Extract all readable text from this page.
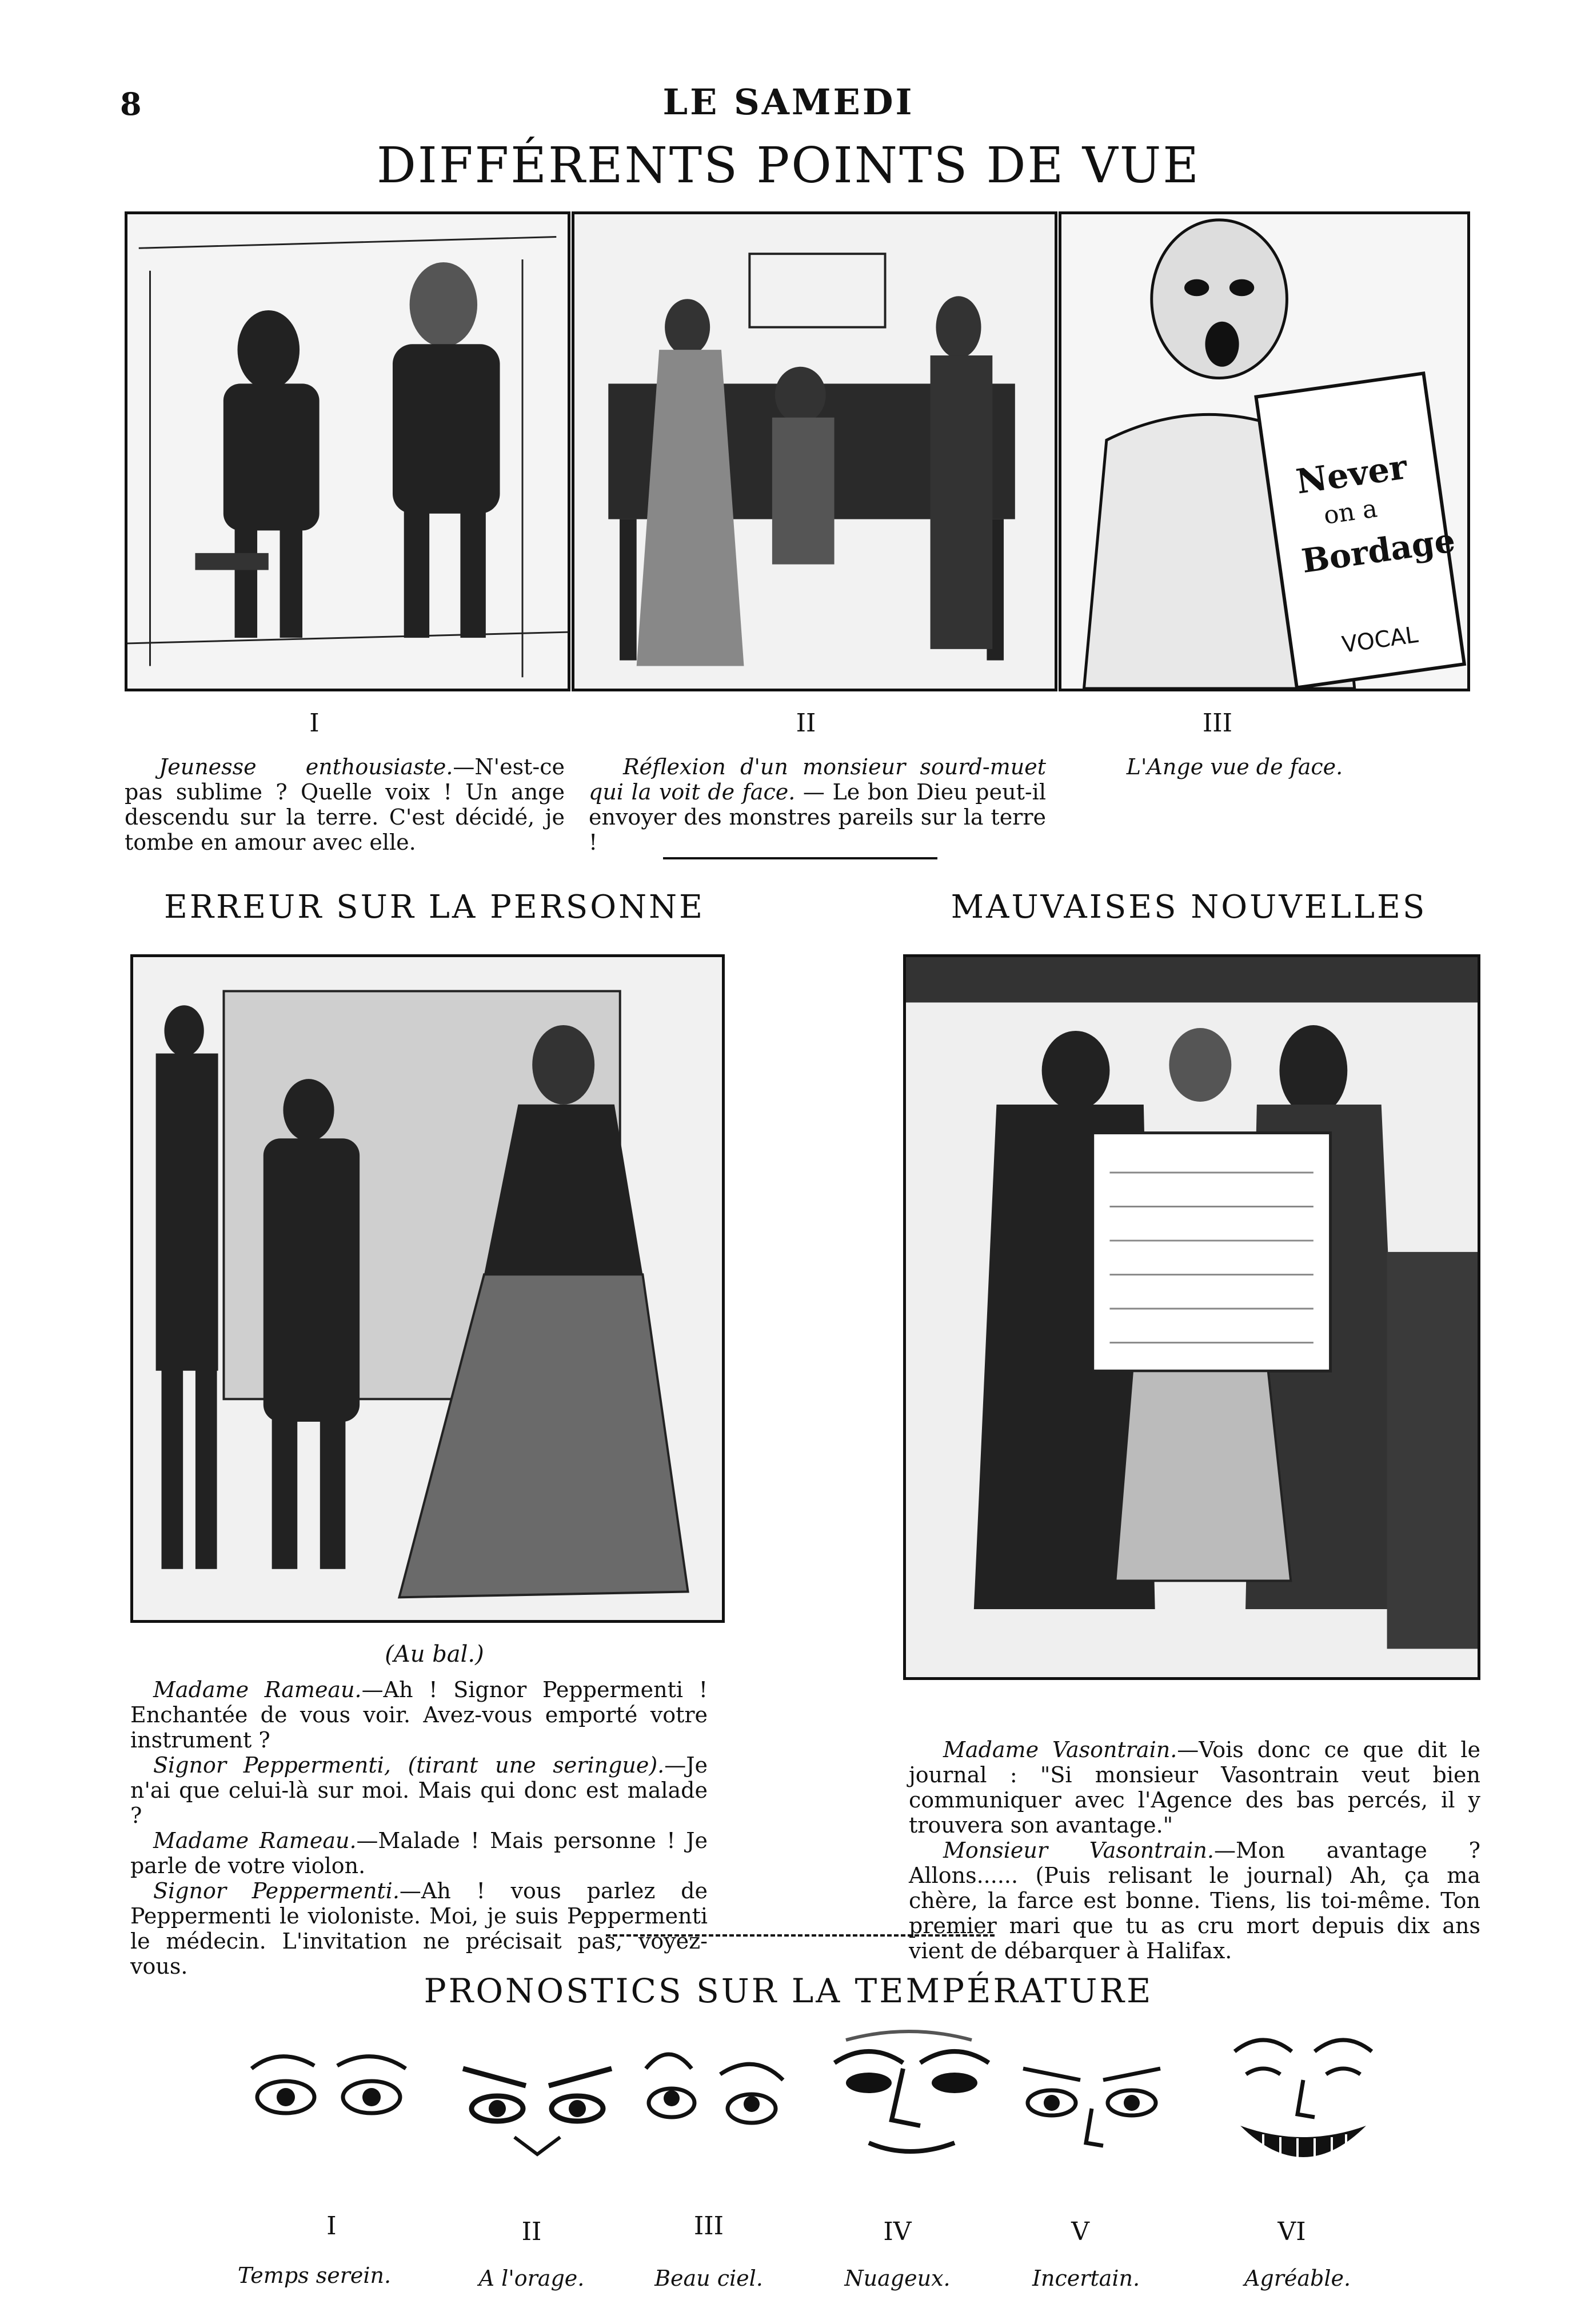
8	LE SAMEDI
DIFFÉRENTS POINTS DE VUE
Never
on a
Bordage
VOCAL
I	II	III
Jeunesse enthousiaste.—N'est-ce pas sublime ? Quelle voix ! Un ange descendu sur la terre. C'est décidé, je tombe en amour avec elle.
Réflexion d'un monsieur sourd-muet qui la voit de face. — Le bon Dieu peut-il envoyer des monstres pareils sur la terre !
L'Ange vue de face.
ERREUR SUR LA PERSONNE	MAUVAISES NOUVELLES
(Au bal.)
Madame Rameau.—Ah ! Signor Peppermenti ! Enchantée de vous voir. Avez-vous emporté votre instrument ?
Signor Peppermenti, (tirant une seringue).—Je n'ai que celui-là sur moi. Mais qui donc est malade ?
Madame Rameau.—Malade ! Mais personne ! Je parle de votre violon.
Signor Peppermenti.—Ah ! vous parlez de Peppermenti le violoniste. Moi, je suis Peppermenti le médecin. L'invitation ne précisait pas, voyez-vous.
Madame Vasontrain.—Vois donc ce que dit le journal : "Si monsieur Vasontrain veut bien communiquer avec l'Agence des bas percés, il y trouvera son avantage."
Monsieur Vasontrain.—Mon avantage ? Allons...... (Puis relisant le journal) Ah, ça ma chère, la farce est bonne. Tiens, lis toi-même. Ton premier mari que tu as cru mort depuis dix ans vient de débarquer à Halifax.
PRONOSTICS SUR LA TEMPÉRATURE
I	II	III	IV	V	VI
Temps serein.	A l'orage.	Beau ciel.	Nuageux.	Incertain.	Agréable.
